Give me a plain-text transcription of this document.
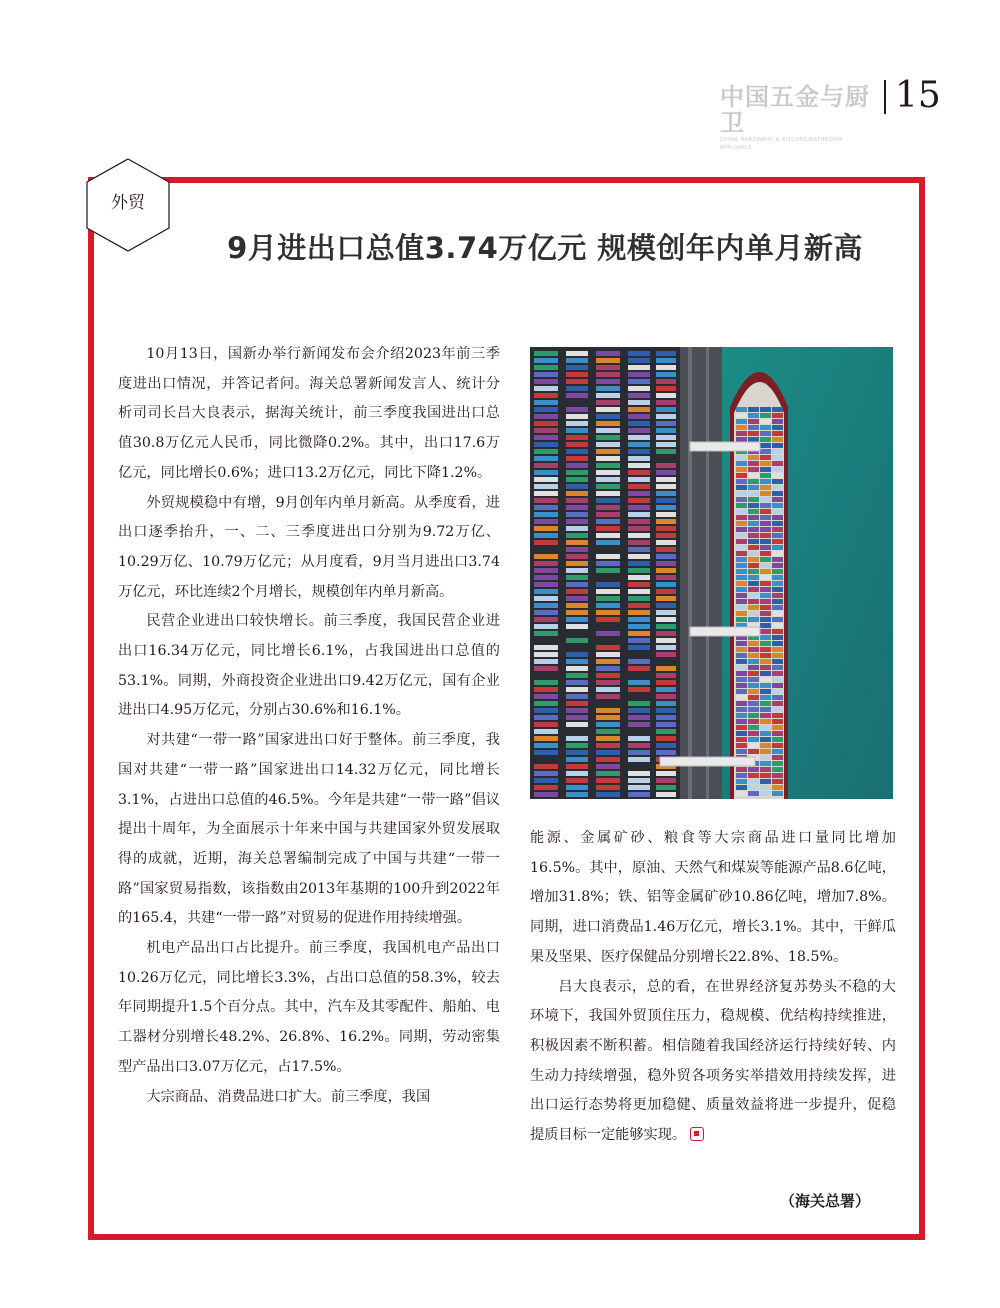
中国五金与厨卫
CHINA HARDWARE & KITCHEN/BATHROOM APPLIANCE
15
外贸
9月进出口总值3.74万亿元 规模创年内单月新高

10月13日，国新办举行新闻发布会介绍2023年前三季度进出口情况，并答记者问。海关总署新闻发言人、统计分析司司长吕大良表示，据海关统计，前三季度我国进出口总值30.8万亿元人民币，同比微降0.2%。其中，出口17.6万亿元，同比增长0.6%；进口13.2万亿元，同比下降1.2%。

外贸规模稳中有增，9月创年内单月新高。从季度看，进出口逐季抬升，一、二、三季度进出口分别为9.72万亿、10.29万亿、10.79万亿元；从月度看，9月当月进出口3.74万亿元，环比连续2个月增长，规模创年内单月新高。

民营企业进出口较快增长。前三季度，我国民营企业进出口16.34万亿元，同比增长6.1%，占我国进出口总值的53.1%。同期，外商投资企业进出口9.42万亿元，国有企业进出口4.95万亿元，分别占30.6%和16.1%。

对共建“一带一路”国家进出口好于整体。前三季度，我国对共建“一带一路”国家进出口14.32万亿元，同比增长3.1%，占进出口总值的46.5%。今年是共建“一带一路”倡议提出十周年，为全面展示十年来中国与共建国家外贸发展取得的成就，近期，海关总署编制完成了中国与共建“一带一路”国家贸易指数，该指数由2013年基期的100升到2022年的165.4，共建“一带一路”对贸易的促进作用持续增强。

机电产品出口占比提升。前三季度，我国机电产品出口10.26万亿元，同比增长3.3%，占出口总值的58.3%，较去年同期提升1.5个百分点。其中，汽车及其零配件、船舶、电工器材分别增长48.2%、26.8%、16.2%。同期，劳动密集型产品出口3.07万亿元，占17.5%。

大宗商品、消费品进口扩大。前三季度，我国

能源、金属矿砂、粮食等大宗商品进口量同比增加16.5%。其中，原油、天然气和煤炭等能源产品8.6亿吨，增加31.8%；铁、铝等金属矿砂10.86亿吨，增加7.8%。同期，进口消费品1.46万亿元，增长3.1%。其中，干鲜瓜果及坚果、医疗保健品分别增长22.8%、18.5%。

吕大良表示，总的看，在世界经济复苏势头不稳的大环境下，我国外贸顶住压力，稳规模、优结构持续推进，积极因素不断积蓄。相信随着我国经济运行持续好转、内生动力持续增强，稳外贸各项务实举措效用持续发挥，进出口运行态势将更加稳健、质量效益将进一步提升，促稳提质目标一定能够实现。

（海关总署）
